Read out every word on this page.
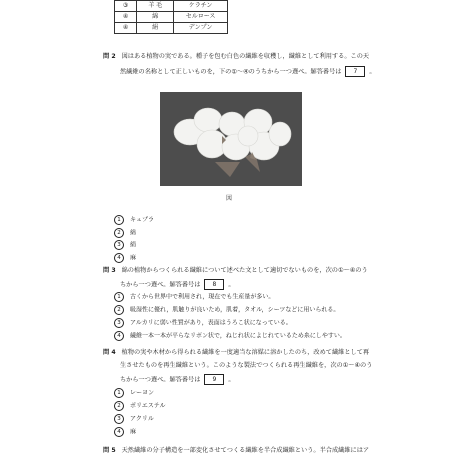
③	羊 毛	ケラチン
④	綿	セルロース
④	絹	デンプン
問 2 図はある植物の実である。種子を包む白色の繊維を収穫し，繊維として利用する。この天
然繊維の名称として正しいものを，下の①～④のうちから一つ選べ。解答番号は 7 。
図
1 キュプラ
2 綿
3 絹
4 麻
問 3 綿の植物からつくられる繊維について述べた文として適切でないものを，次の①～④のう
ちから一つ選べ。解答番号は 8 。
1 古くから世界中で利用され，現在でも生産量が多い。
2 吸湿性に優れ，肌触りが良いため，肌着，タオル，シーツなどに用いられる。
3 アルカリに弱い性質があり，表面はうろこ状になっている。
4 繊維一本一本が平らなリボン状で，ねじれ状によじれているため糸にしやすい。
問 4 植物の実や木材から得られる繊維を一度適当な溶媒に溶かしたのち，改めて繊維として再
生させたものを再生繊維という。このような製法でつくられる再生繊維を，次の①～④のう
ちから一つ選べ。解答番号は 9 。
1 レーヨン
2 ポリエステル
3 アクリル
4 麻
問 5 天然繊維の分子構造を一部変化させてつくる繊維を半合成繊維という。半合成繊維にはア
